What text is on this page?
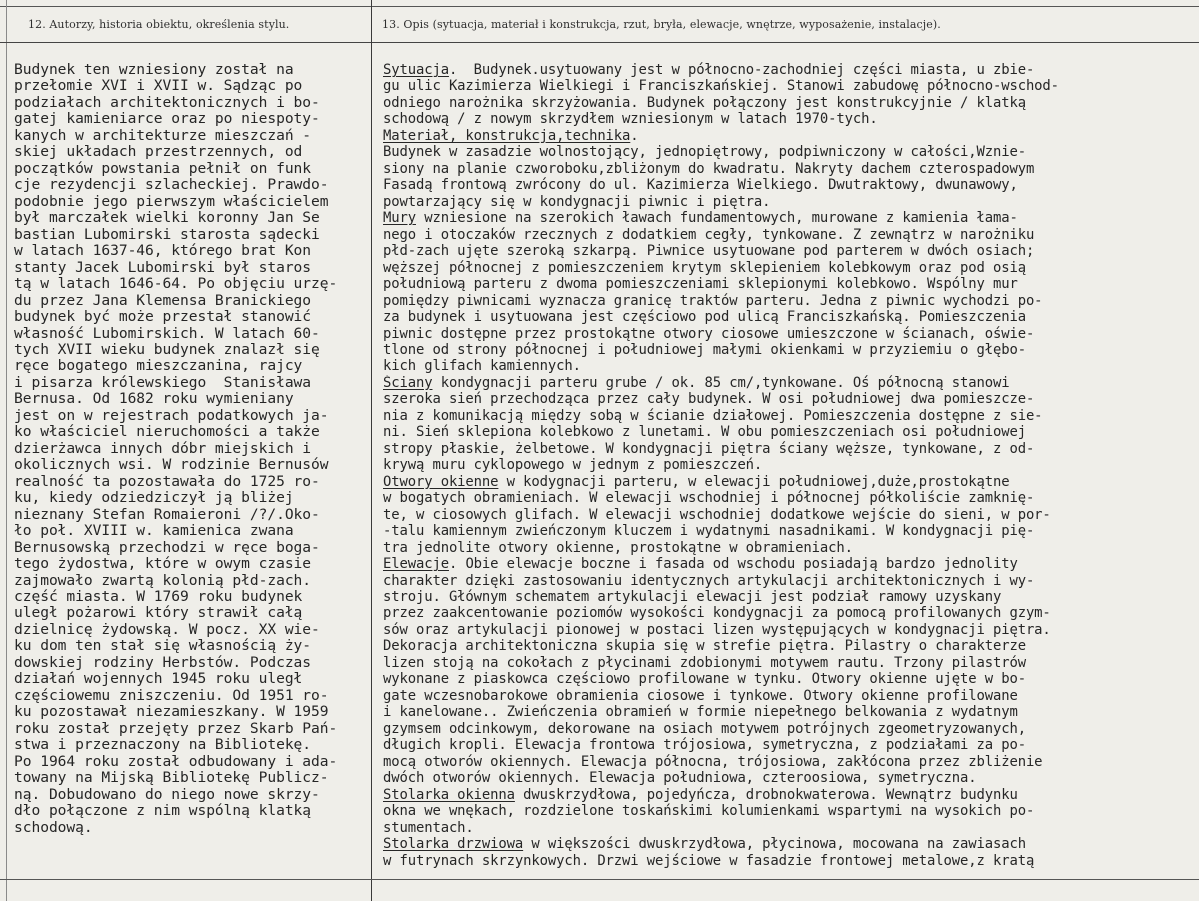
12. Autorzy, historia obiektu, określenia stylu.	13. Opis (sytuacja, materiał i konstrukcja, rzut, bryła, elewacje, wnętrze, wyposażenie, instalacje).
Budynek ten wzniesiony został na
przełomie XVI i XVII w. Sądząc po
podziałach architektonicznych i bo-
gatej kamieniarce oraz po niespoty-
kanych w architekturze mieszczań -
skiej układach przestrzennych, od
początków powstania pełnił on funk
cje rezydencji szlacheckiej. Prawdo-
podobnie jego pierwszym właścicielem
był marczałek wielki koronny Jan Se
bastian Lubomirski starosta sądecki
w latach 1637-46, którego brat Kon
stanty Jacek Lubomirski był staros
tą w latach 1646-64. Po objęciu urzę-
du przez Jana Klemensa Branickiego
budynek być może przestał stanowić
własność Lubomirskich. W latach 60-
tych XVII wieku budynek znalazł się
ręce bogatego mieszczanina, rajcy
i pisarza królewskiego  Stanisława
Bernusa. Od 1682 roku wymieniany
jest on w rejestrach podatkowych ja-
ko właściciel nieruchomości a także
dzierżawca innych dóbr miejskich i
okolicznych wsi. W rodzinie Bernusów
realność ta pozostawała do 1725 ro-
ku, kiedy odziedziczył ją bliżej
nieznany Stefan Romaieroni /?/.Oko-
ło poł. XVIII w. kamienica zwana
Bernusowską przechodzi w ręce boga-
tego żydostwa, które w owym czasie
zajmowało zwartą kolonią płd-zach.
część miasta. W 1769 roku budynek
uległ pożarowi który strawił całą
dzielnicę żydowską. W pocz. XX wie-
ku dom ten stał się własnością ży-
dowskiej rodziny Herbstów. Podczas
działań wojennych 1945 roku uległ
częściowemu zniszczeniu. Od 1951 ro-
ku pozostawał niezamieszkany. W 1959
roku został przejęty przez Skarb Pań-
stwa i przeznaczony na Bibliotekę.
Po 1964 roku został odbudowany i ada-
towany na Mijską Bibliotekę Publicz-
ną. Dobudowano do niego nowe skrzy-
dło połączone z nim wspólną klatką
schodową.
Sytuacja.  Budynek.usytuowany jest w północno-zachodniej części miasta, u zbie-
gu ulic Kazimierza Wielkiegi i Franciszkańskiej. Stanowi zabudowę północno-wschod-
odniego narożnika skrzyżowania. Budynek połączony jest konstrukcyjnie / klatką
schodową / z nowym skrzydłem wzniesionym w latach 1970-tych.
Materiał, konstrukcja,technika.
Budynek w zasadzie wolnostojący, jednopiętrowy, podpiwniczony w całości,Wznie-
siony na planie czworoboku,zbliżonym do kwadratu. Nakryty dachem czterospadowym
Fasadą frontową zwrócony do ul. Kazimierza Wielkiego. Dwutraktowy, dwunawowy,
powtarzający się w kondygnacji piwnic i piętra.
Mury wzniesione na szerokich ławach fundamentowych, murowane z kamienia łama-
nego i otoczaków rzecznych z dodatkiem cegły, tynkowane. Z zewnątrz w narożniku
płd-zach ujęte szeroką szkarpą. Piwnice usytuowane pod parterem w dwóch osiach;
węższej północnej z pomieszczeniem krytym sklepieniem kolebkowym oraz pod osią
południową parteru z dwoma pomieszczeniami sklepionymi kolebkowo. Wspólny mur
pomiędzy piwnicami wyznacza granicę traktów parteru. Jedna z piwnic wychodzi po-
za budynek i usytuowana jest częściowo pod ulicą Franciszkańską. Pomieszczenia
piwnic dostępne przez prostokątne otwory ciosowe umieszczone w ścianach, oświe-
tlone od strony północnej i południowej małymi okienkami w przyziemiu o głębo-
kich glifach kamiennych.
Ściany kondygnacji parteru grube / ok. 85 cm/,tynkowane. Oś północną stanowi
szeroka sień przechodząca przez cały budynek. W osi południowej dwa pomieszcze-
nia z komunikacją między sobą w ścianie działowej. Pomieszczenia dostępne z sie-
ni. Sień sklepiona kolebkowo z lunetami. W obu pomieszczeniach osi południowej
stropy płaskie, żelbetowe. W kondygnacji piętra ściany węższe, tynkowane, z od-
krywą muru cyklopowego w jednym z pomieszczeń.
Otwory okienne w kodygnacji parteru, w elewacji południowej,duże,prostokątne
w bogatych obramieniach. W elewacji wschodniej i północnej półkoliście zamknię-
te, w ciosowych glifach. W elewacji wschodniej dodatkowe wejście do sieni, w por-
-talu kamiennym zwieńczonym kluczem i wydatnymi nasadnikami. W kondygnacji pię-
tra jednolite otwory okienne, prostokątne w obramieniach.
Elewacje. Obie elewacje boczne i fasada od wschodu posiadają bardzo jednolity
charakter dzięki zastosowaniu identycznych artykulacji architektonicznych i wy-
stroju. Głównym schematem artykulacji elewacji jest podział ramowy uzyskany
przez zaakcentowanie poziomów wysokości kondygnacji za pomocą profilowanych gzym-
sów oraz artykulacji pionowej w postaci lizen występujących w kondygnacji piętra.
Dekoracja architektoniczna skupia się w strefie piętra. Pilastry o charakterze
lizen stoją na cokołach z płycinami zdobionymi motywem rautu. Trzony pilastrów
wykonane z piaskowca częściowo profilowane w tynku. Otwory okienne ujęte w bo-
gate wczesnobarokowe obramienia ciosowe i tynkowe. Otwory okienne profilowane
i kanelowane.. Zwieńczenia obramień w formie niepełnego belkowania z wydatnym
gzymsem odcinkowym, dekorowane na osiach motywem potrójnych zgeometryzowanych,
długich kropli. Elewacja frontowa trójosiowa, symetryczna, z podziałami za po-
mocą otworów okiennych. Elewacja północna, trójosiowa, zakłócona przez zbliżenie
dwóch otworów okiennych. Elewacja południowa, czteroosiowa, symetryczna.
Stolarka okienna dwuskrzydłowa, pojedyńcza, drobnokwaterowa. Wewnątrz budynku
okna we wnękach, rozdzielone toskańskimi kolumienkami wspartymi na wysokich po-
stumentach.
Stolarka drzwiowa w większości dwuskrzydłowa, płycinowa, mocowana na zawiasach
w futrynach skrzynkowych. Drzwi wejściowe w fasadzie frontowej metalowe,z kratą
